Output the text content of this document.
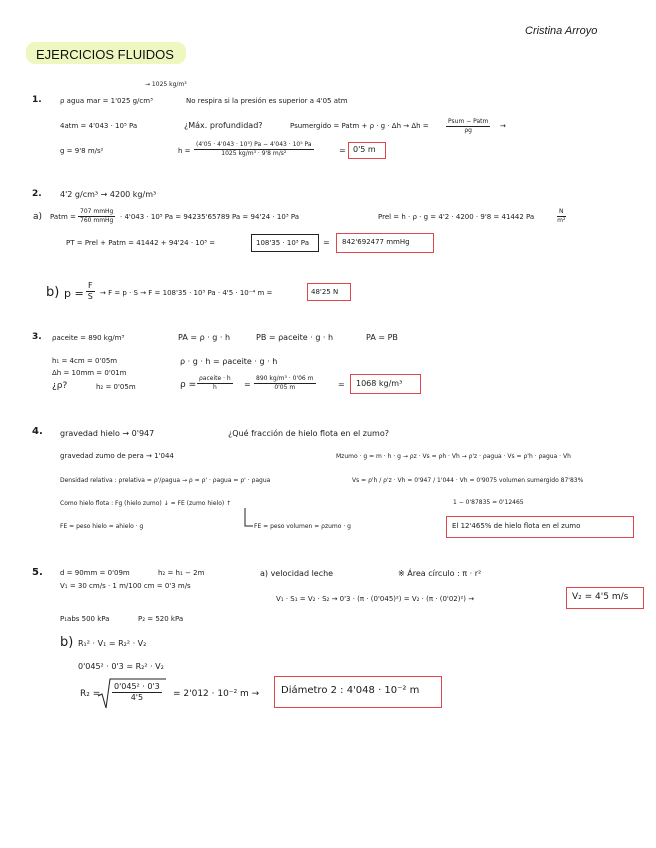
Cristina Arroyo
EJERCICIOS FLUIDOS
1.	ρ agua mar = 1'025 g/cm³
→ 1025 kg/m³
No respira si la presión es superior a 4'05 atm
4atm = 4'043 · 10⁵ Pa	¿Máx. profundidad?	Psumergido = Patm + ρ · g · Δh → Δh =
Psum − Patm
ρg
→
g = 9'8 m/s²	$h = \frac{\text{(4'05 · 4'043 · 10⁵) Pa − 4'043 · 10⁵ Pa}}{\text{1025 kg/m³ · 9'8 m/s²}}$	= 0'5 m
2. 4'2 g/cm³ → 4200 kg/m³
a) Patm =
707 mmHg
760 mmHg · 4'043 · 10⁵ Pa = 94235'65789 Pa = 94'24 · 10³ Pa	Prel = h · ρ · g = 4'2 · 4200 · 9'8 = 41442 Pa	$\frac{N}{\text{m²}}$
PT = Prel + Patm = 41442 + 94'24 · 10³ =	108'35 · 10³ Pa = 842'692477 mmHg
b) $p = \frac{F}{S} \to F = p \cdot S \to F = 108'35 \cdot 10^3$ Pa · 4'5 · 10⁻⁴ m =	48'25 N
3. ρaceite = 890 kg/m³	PA = ρ · g · h	PB = ρaceite · g · h	PA = PB
h₁ = 4cm = 0'05m	ρ · g · h = ρaceite · g · h
Δh = 10mm = 0'01m
¿ρ?	h₂ = 0'05m	ρ =
ρaceite · h
h	= $\frac{\text{890 kg/m³ · 0'06 m}}{0'05 m}$	= 1068 kg/m³
4. gravedad hielo → 0'947	¿Qué fracción de hielo flota en el zumo?
gravedad zumo de pera → 1'044	Mzumo · g = m · h · g → ρz · Vs = ρh · Vh → ρ'z · ρagua · Vs = ρ'h · ρagua · Vh
Densidad relativa : ρrelativa = ρ'/ρagua → ρ = ρ' · ρagua = ρ' · ρagua	Vs = ρ'h / ρ'z · Vh = 0'947 / 1'044 · Vh = 0'9075 volumen sumergido 87'83%
Como hielo flota : Fg (hielo zumo) ↓ = FE (zumo hielo) ↑	1 − 0'87835 = 0'12465
FE = peso hielo = ahielo · g	FE = peso volumen = ρzumo · g	El 12'465% de hielo flota en el zumo
5. d = 90mm = 0'09m	h₂ = h₁ − 2m
V₁ = 30 cm/s · 1 m/100 cm = 0'3 m/s
a) velocidad leche	※ Área círculo : π · r²
V₁ · S₁ = V₂ · S₂ → 0'3 · (π · (0'045)²) = V₂ · (π · (0'02)²) →	V₂ = 4'5 m/s
P₁abs 500 kPa	P₂ = 520 kPa
b) R₁² · V₁ = R₂² · V₂
0'045² · 0'3 = R₂² · V₂
$R_2 = \frac{\text{0'045² · 0'3}}{4'5} = 2'012 \cdot 10^{-2}$ m → Diámetro 2 : 4'048 · 10⁻² m
